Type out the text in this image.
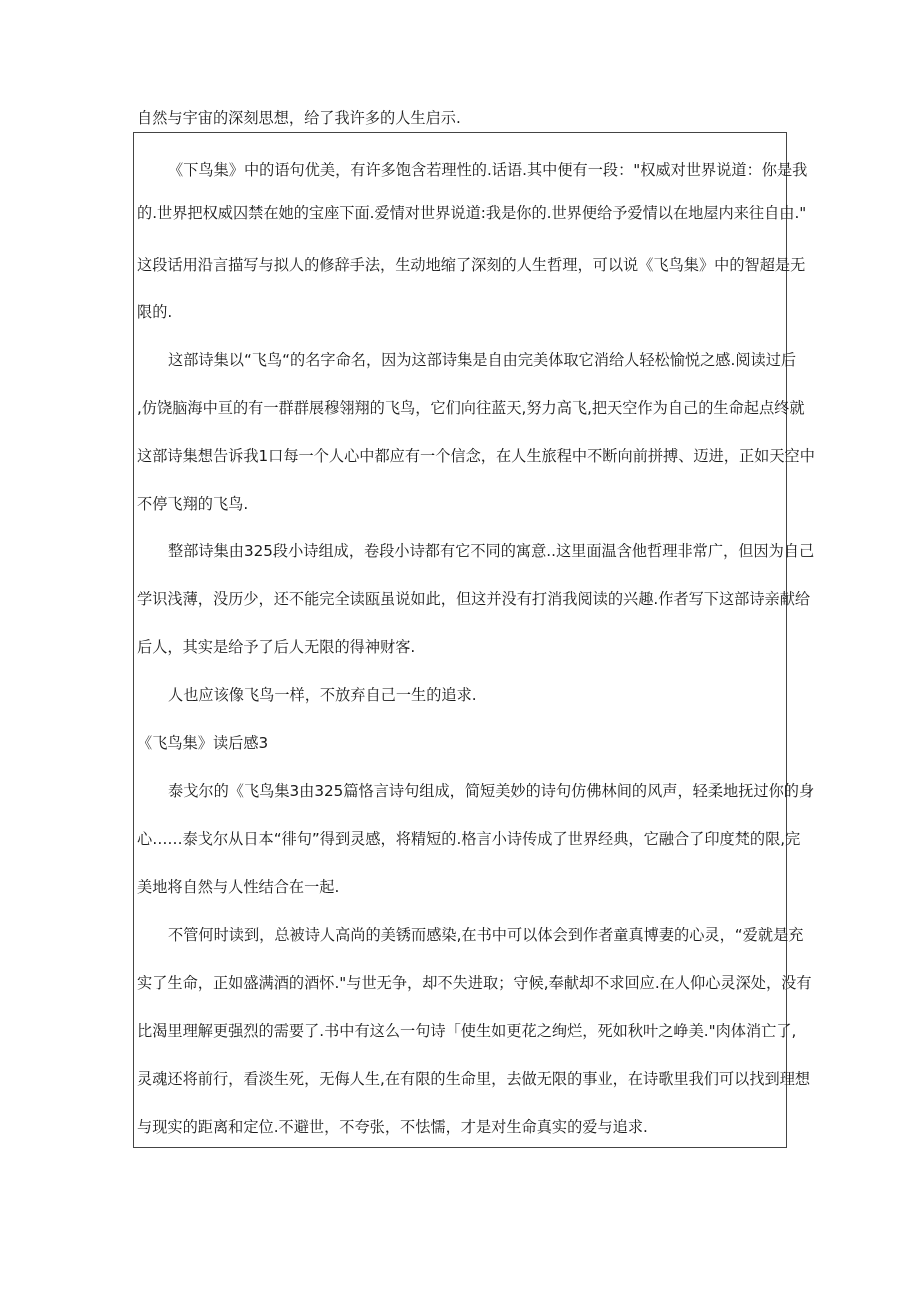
自然与宇宙的深刻思想，给了我许多的人生启示.
《下鸟集》中的语句优美，有许多饱含若理性的.话语.其中便有一段："权威对世界说道：你是我
的.世界把权威囚禁在她的宝座下面.爱情对世界说道:我是你的.世界便给予爱情以在地屋内来往自由."
这段话用沿言描写与拟人的修辞手法，生动地缩了深刻的人生哲理，可以说《飞鸟集》中的智超是无
限的.
这部诗集以“飞鸟“的名字命名，因为这部诗集是自由完美体取它消给人轻松愉悦之感.阅读过后
,仿饶脑海中亘的有一群群展穆翎翔的飞鸟，它们向往蓝天,努力高飞,把天空作为自己的生命起点终就
这部诗集想告诉我1口每一个人心中都应有一个信念，在人生旅程中不断向前拼搏、迈进，正如天空中
不停飞翔的飞鸟.
整部诗集由325段小诗组成，卷段小诗都有它不同的寓意..这里面温含他哲理非常广，但因为自己
学识浅薄，没历少，还不能完全读瓯虽说如此，但这并没有打消我阅读的兴趣.作者写下这部诗亲献给
后人，其实是给予了后人无限的得神财客.
人也应该像飞鸟一样，不放弃自己一生的追求.
《飞鸟集》读后感3
泰戈尔的《飞鸟集3由325篇恪言诗句组成，简短美妙的诗句仿佛林间的风声，轻柔地抚过你的身
心……泰戈尔从日本“徘句”得到灵感，将精短的.格言小诗传成了世界经典，它融合了印度梵的限,完
美地将自然与人性结合在一起.
不管何时读到，总被诗人高尚的美锈而感染,在书中可以体会到作者童真博妻的心灵，“爱就是充
实了生命，正如盛满酒的酒怀."与世无争，却不失进取；守候,奉献却不求回应.在人仰心灵深处，没有
比渴里理解更强烈的需要了.书中有这么一句诗「使生如更花之绚烂，死如秋叶之峥美."肉体消亡了,
灵魂还将前行，看淡生死，无侮人生,在有限的生命里，去做无限的事业，在诗歌里我们可以找到理想
与现实的距离和定位.不避世，不夸张，不怯懦，才是对生命真实的爱与追求.
